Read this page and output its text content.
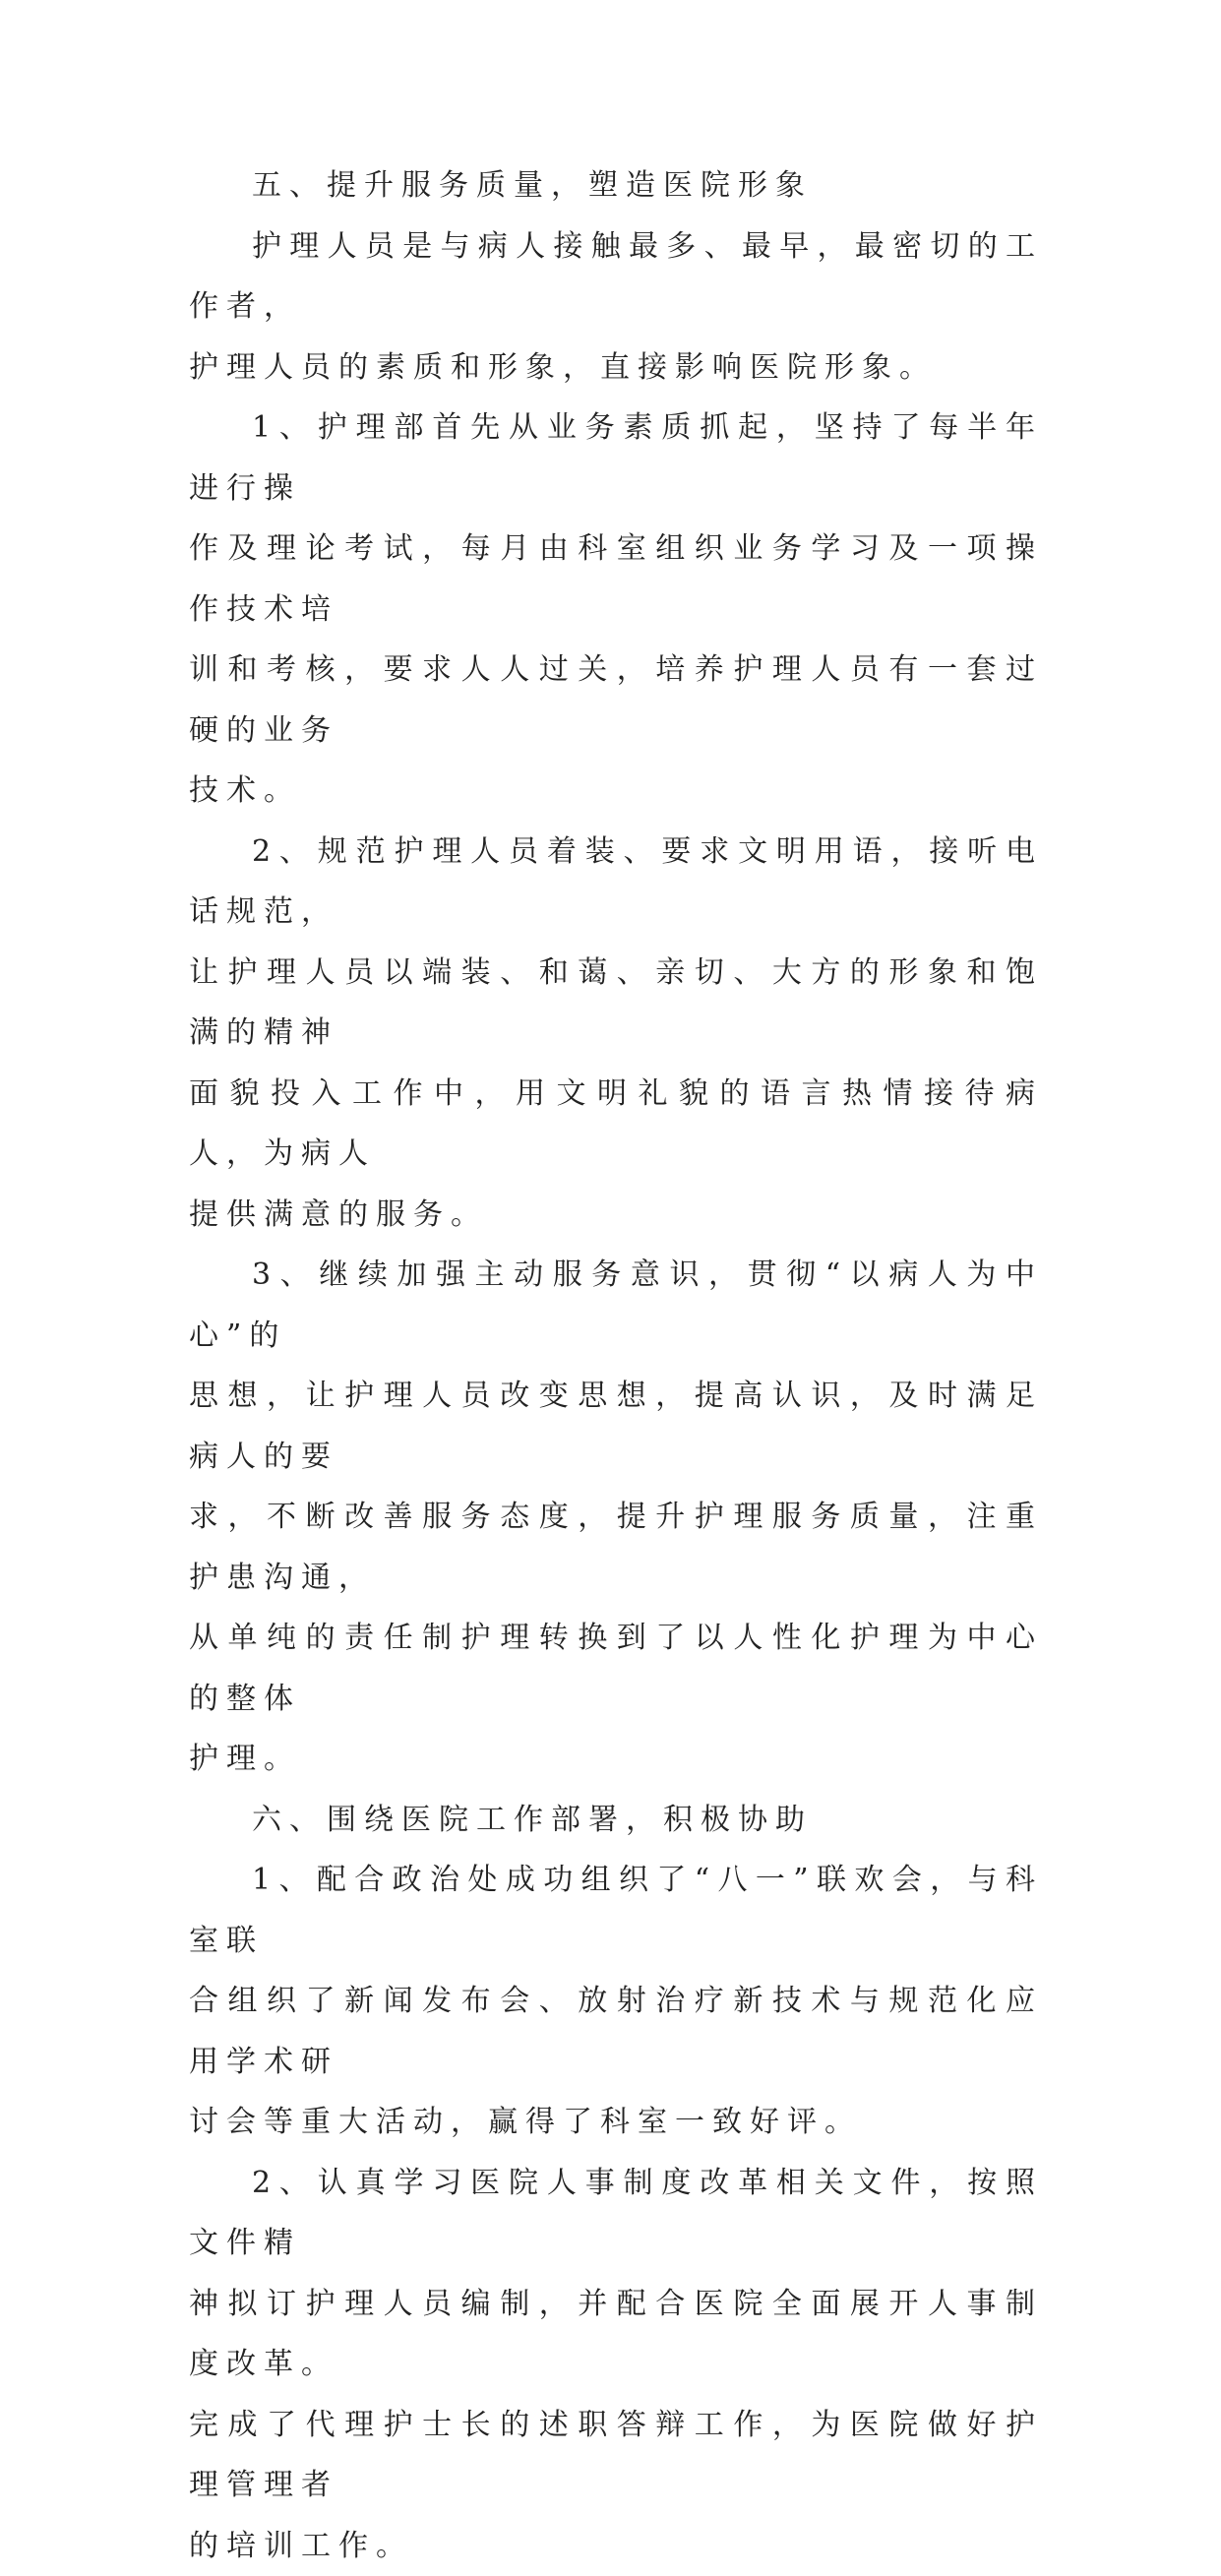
五、提升服务质量，塑造医院形象

护理人员是与病人接触最多、最早，最密切的工作者，
护理人员的素质和形象，直接影响医院形象。

1、护理部首先从业务素质抓起，坚持了每半年进行操
作及理论考试，每月由科室组织业务学习及一项操作技术培
训和考核，要求人人过关，培养护理人员有一套过硬的业务
技术。

2、规范护理人员着装、要求文明用语，接听电话规范，
让护理人员以端装、和蔼、亲切、大方的形象和饱满的精神
面貌投入工作中，用文明礼貌的语言热情接待病人，为病人
提供满意的服务。

3、继续加强主动服务意识，贯彻“以病人为中心”的
思想，让护理人员改变思想，提高认识，及时满足病人的要
求，不断改善服务态度，提升护理服务质量，注重护患沟通，
从单纯的责任制护理转换到了以人性化护理为中心的整体
护理。

六、围绕医院工作部署，积极协助

1、配合政治处成功组织了“八一”联欢会，与科室联
合组织了新闻发布会、放射治疗新技术与规范化应用学术研
讨会等重大活动，赢得了科室一致好评。

2、认真学习医院人事制度改革相关文件，按照文件精
神拟订护理人员编制，并配合医院全面展开人事制度改革。
完成了代理护士长的述职答辩工作，为医院做好护理管理者
的培训工作。
